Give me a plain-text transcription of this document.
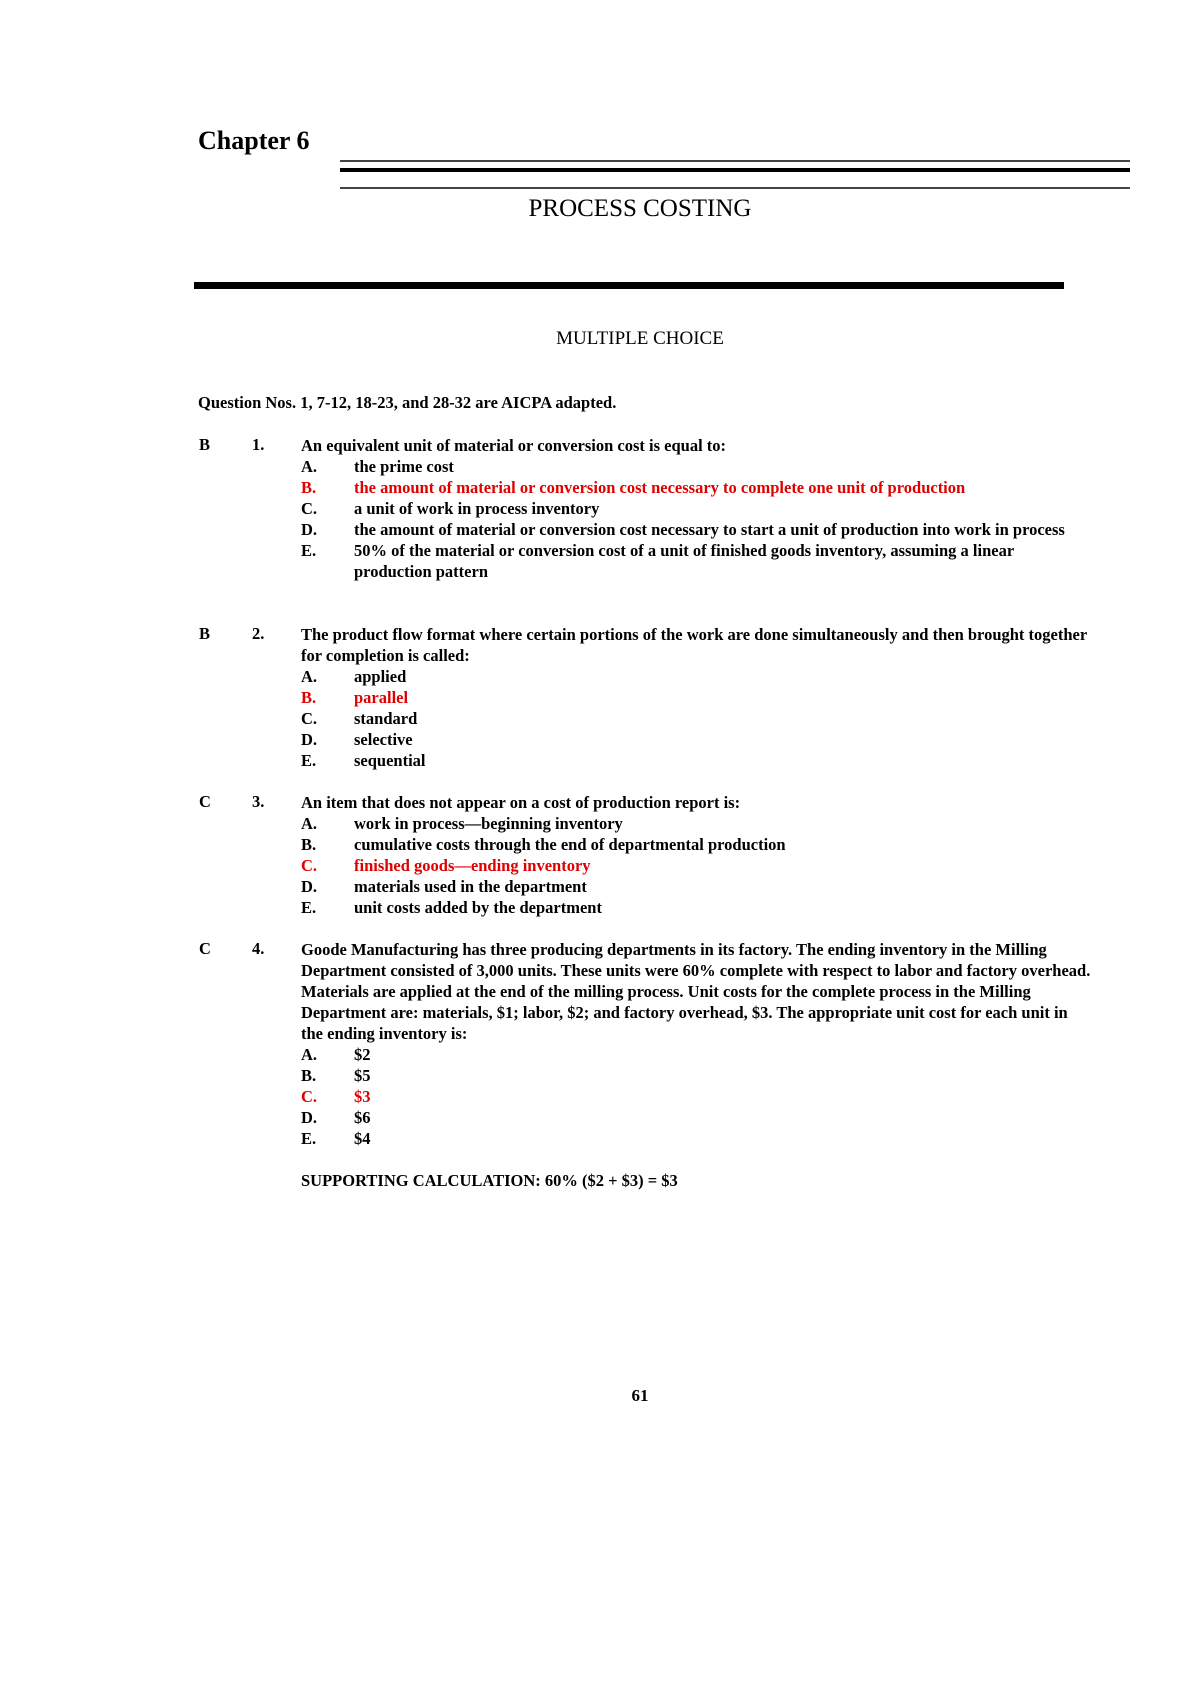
Chapter 6
PROCESS COSTING
MULTIPLE CHOICE
Question Nos. 1, 7-12, 18-23, and 28-32 are AICPA adapted.
B	1. An equivalent unit of material or conversion cost is equal to:
A.	the prime cost
B.	the amount of material or conversion cost necessary to complete one unit of production
C.	a unit of work in process inventory
D.	the amount of material or conversion cost necessary to start a unit of production into work in process
E.	50% of the material or conversion cost of a unit of finished goods inventory, assuming a linear production pattern
B	2. The product flow format where certain portions of the work are done simultaneously and then brought together for completion is called:
A.	applied
B.	parallel
C.	standard
D.	selective
E.	sequential
C 3. An item that does not appear on a cost of production report is:
A.	work in process—beginning inventory
B.	cumulative costs through the end of departmental production
C.	finished goods—ending inventory
D.	materials used in the department
E.	unit costs added by the department
C 4. Goode Manufacturing has three producing departments in its factory. The ending inventory in the Milling Department consisted of 3,000 units. These units were 60% complete with respect to labor and factory overhead. Materials are applied at the end of the milling process. Unit costs for the complete process in the Milling Department are: materials, $1; labor, $2; and factory overhead, $3. The appropriate unit cost for each unit in the ending inventory is:
A.	$2
B.	$5
C.	$3
D.	$6
E.	$4
SUPPORTING CALCULATION: 60% ($2 + $3) = $3
61
